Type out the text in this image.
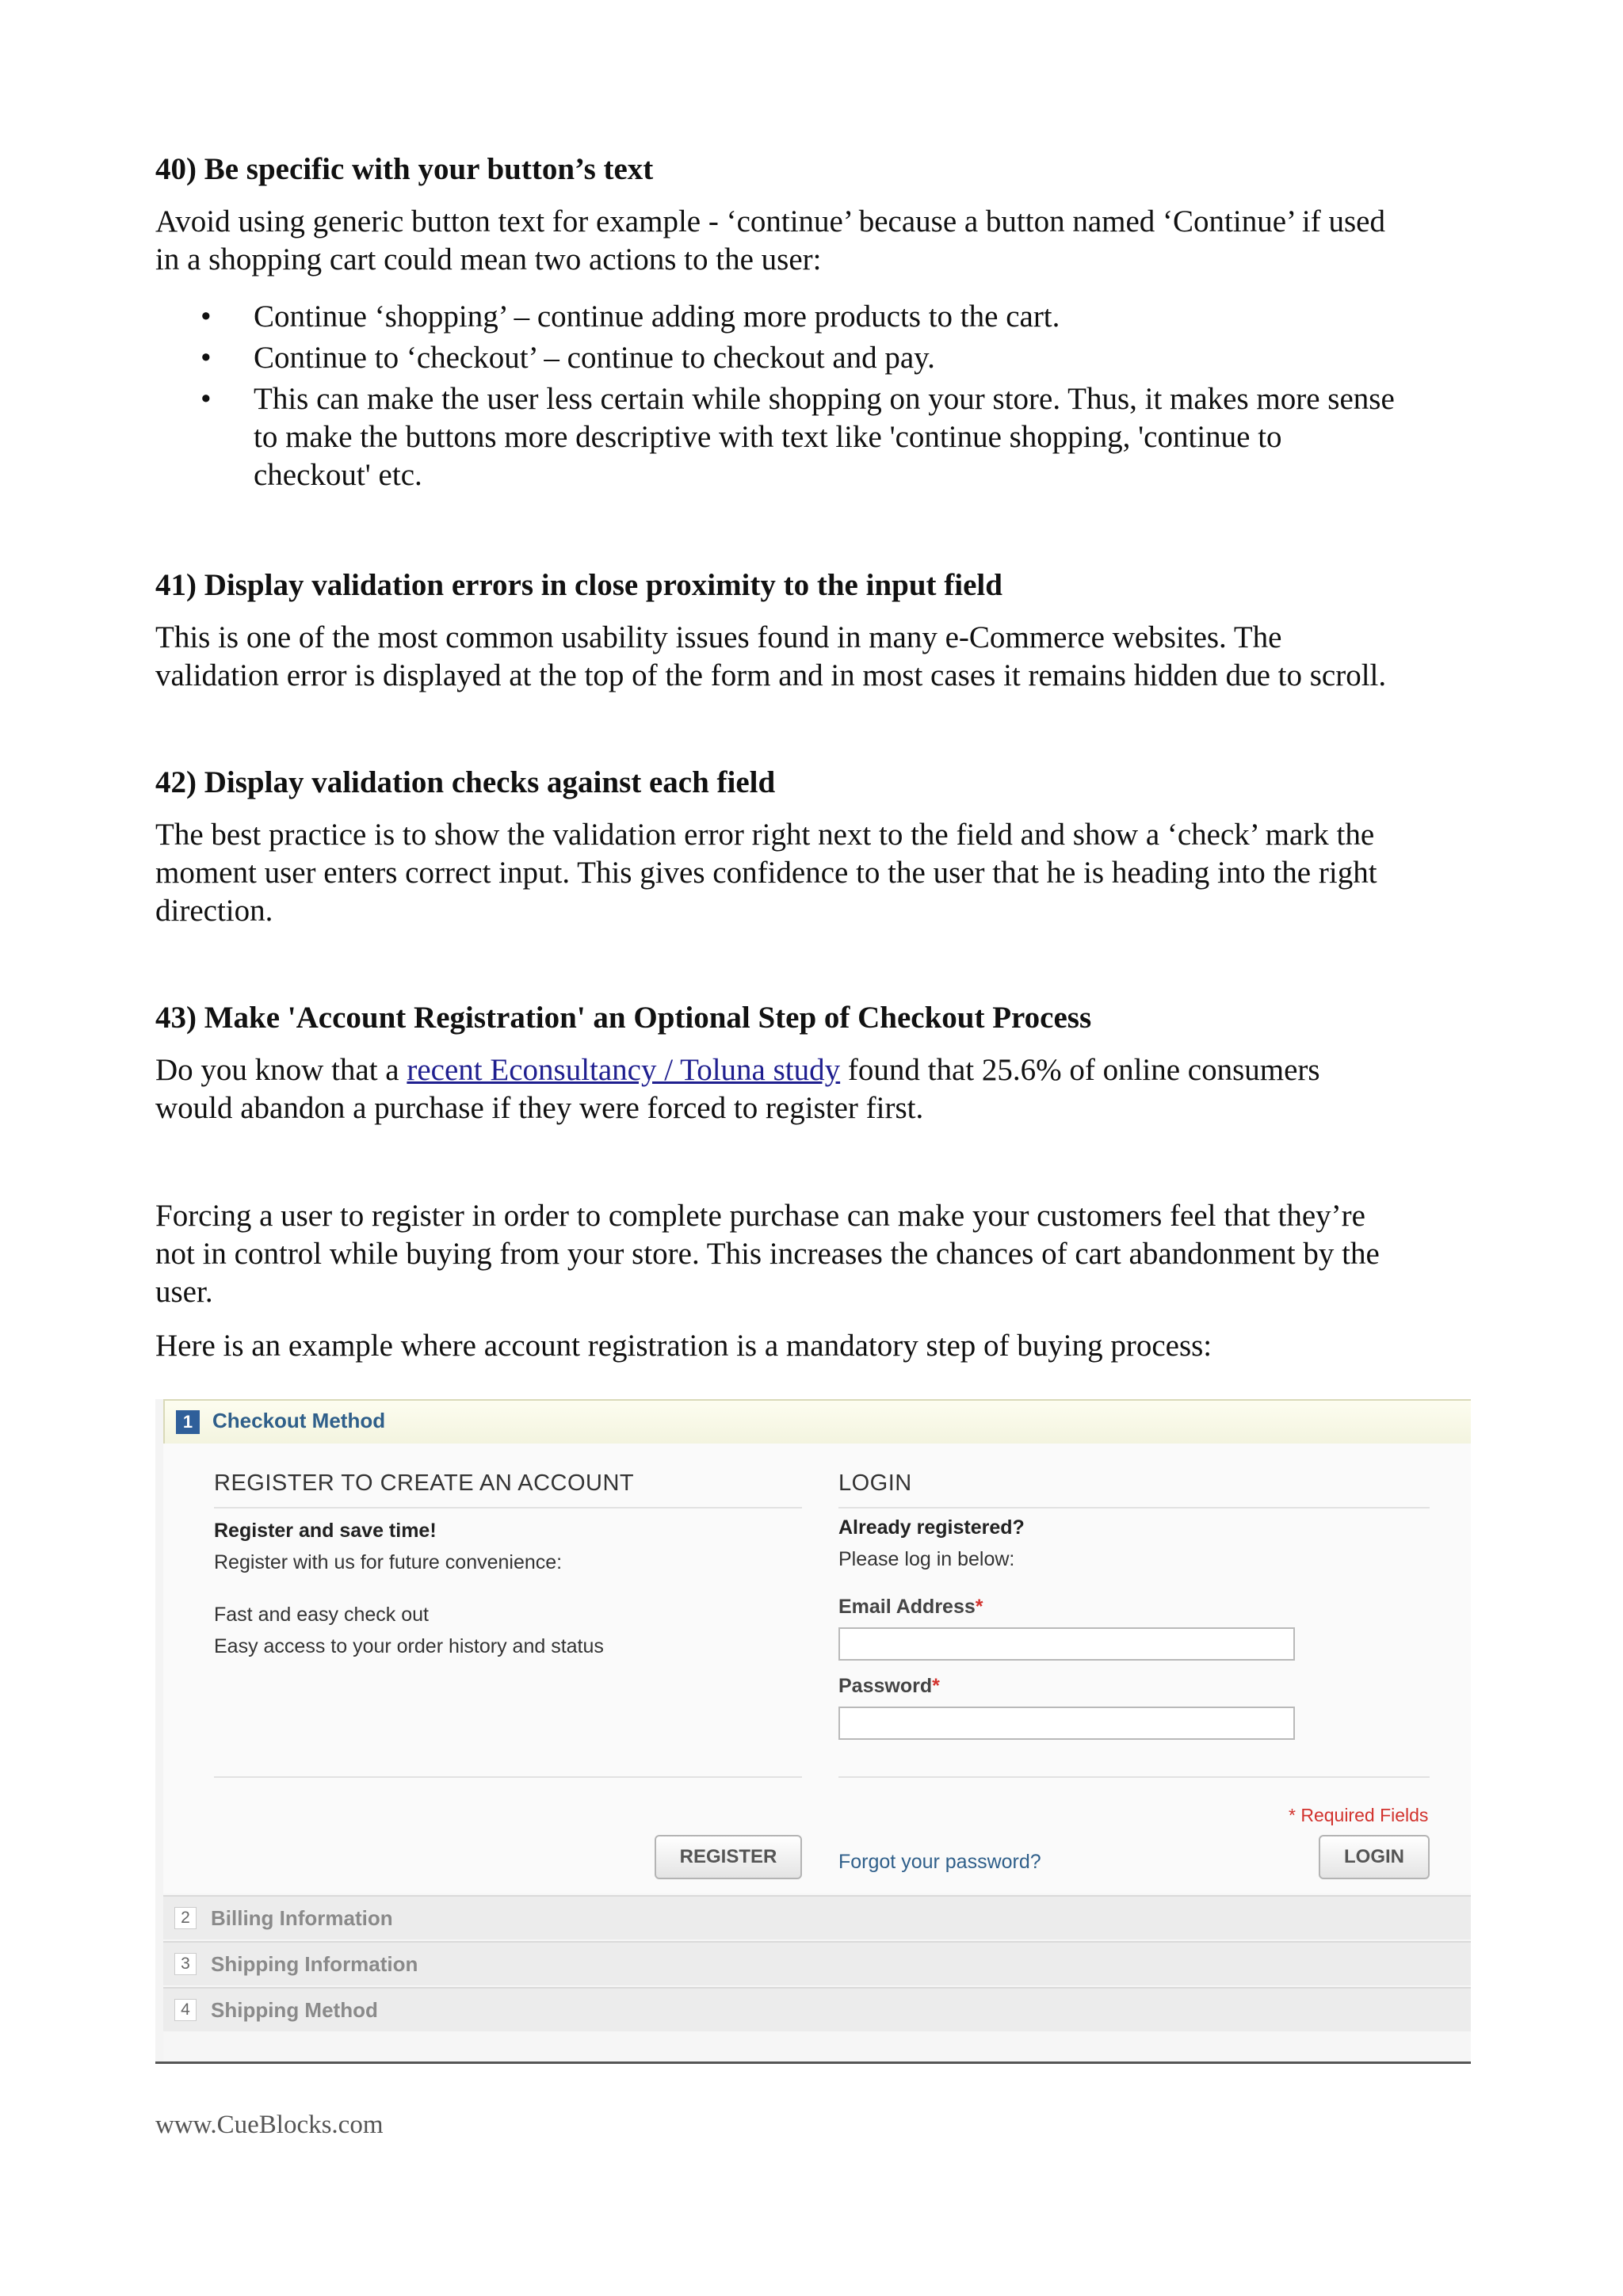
40) Be specific with your button’s text
Avoid using generic button text for example - ‘continue’ because a button named ‘Continue’ if used
in a shopping cart could mean two actions to the user:
• Continue ‘shopping’ – continue adding more products to the cart.
• Continue to ‘checkout’ – continue to checkout and pay.
• This can make the user less certain while shopping on your store. Thus, it makes more sense
to make the buttons more descriptive with text like 'continue shopping, 'continue to
checkout' etc.
41) Display validation errors in close proximity to the input field
This is one of the most common usability issues found in many e-Commerce websites. The
validation error is displayed at the top of the form and in most cases it remains hidden due to scroll.
42) Display validation checks against each field
The best practice is to show the validation error right next to the field and show a ‘check’ mark the
moment user enters correct input. This gives confidence to the user that he is heading into the right
direction.
43) Make 'Account Registration' an Optional Step of Checkout Process
Do you know that a recent Econsultancy / Toluna study found that 25.6% of online consumers
would abandon a purchase if they were forced to register first.
Forcing a user to register in order to complete purchase can make your customers feel that they’re
not in control while buying from your store. This increases the chances of cart abandonment by the
user.
Here is an example where account registration is a mandatory step of buying process:
1 Checkout Method
REGISTER TO CREATE AN ACCOUNT
Register and save time!
Register with us for future convenience:
Fast and easy check out
Easy access to your order history and status
REGISTER
LOGIN
Already registered?
Please log in below:
Email Address*
Password*
* Required Fields
Forgot your password?	LOGIN
2	Billing Information
3	Shipping Information
4	Shipping Method
www.CueBlocks.com
